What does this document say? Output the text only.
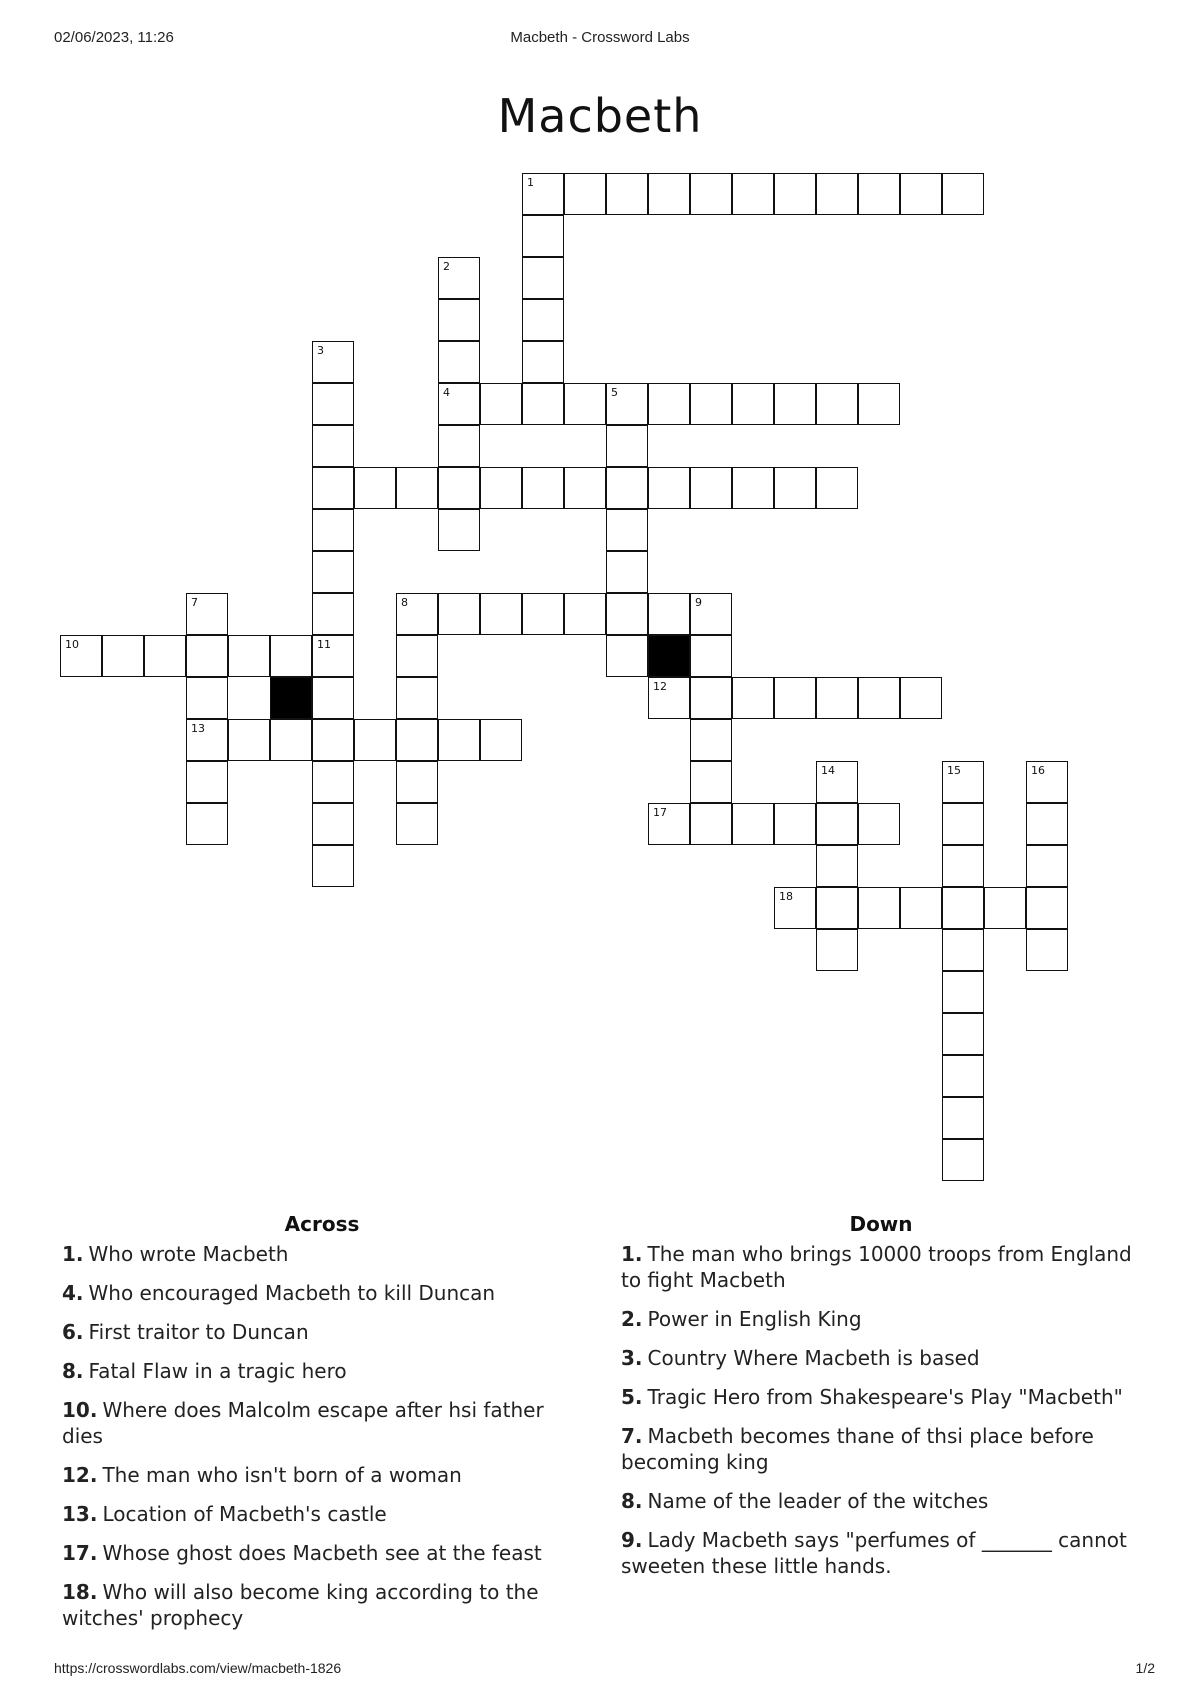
02/06/2023, 11:26	Macbeth - Crossword Labs
Macbeth
1
2
3
4	5
7	8	9
10	11
12
13
14	15	16
17
18
Across
1. Who wrote Macbeth
4. Who encouraged Macbeth to kill Duncan
6. First traitor to Duncan
8. Fatal Flaw in a tragic hero
10. Where does Malcolm escape after hsi father dies
12. The man who isn't born of a woman
13. Location of Macbeth's castle
17. Whose ghost does Macbeth see at the feast
18. Who will also become king according to the witches' prophecy
Down
1. The man who brings 10000 troops from England to fight Macbeth
2. Power in English King
3. Country Where Macbeth is based
5. Tragic Hero from Shakespeare's Play "Macbeth"
7. Macbeth becomes thane of thsi place before becoming king
8. Name of the leader of the witches
9. Lady Macbeth says "perfumes of _______ cannot sweeten these little hands.
https://crosswordlabs.com/view/macbeth-1826	1/2
